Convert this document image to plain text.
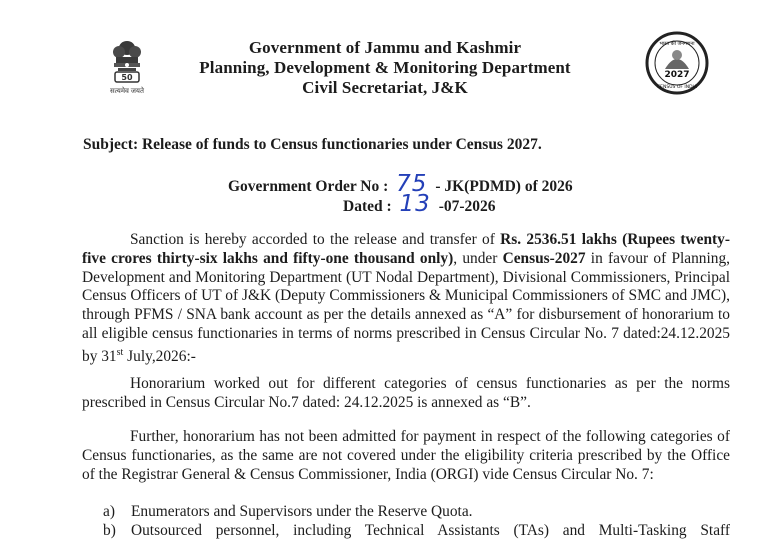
50
सत्यमेव जयते
2027
भारत की जनगणना
CENSUS OF INDIA
Government of Jammu and Kashmir
Planning, Development & Monitoring Department
Civil Secretariat, J&K
Subject: Release of funds to Census functionaries under Census 2027.
Government Order No : 75 - JK(PDMD) of 2026
Dated : 13 -07-2026

Sanction is hereby accorded to the release and transfer of Rs. 2536.51 lakhs (Rupees twenty-five crores thirty-six lakhs and fifty-one thousand only), under Census-2027 in favour of Planning, Development and Monitoring Department (UT Nodal Department), Divisional Commissioners, Principal Census Officers of UT of J&K (Deputy Commissioners & Municipal Commissioners of SMC and JMC), through PFMS / SNA bank account as per the details annexed as “A” for disbursement of honorarium to all eligible census functionaries in terms of norms prescribed in Census Circular No. 7 dated:24.12.2025 by 31st July,2026:-

Honorarium worked out for different categories of census functionaries as per the norms prescribed in Census Circular No.7 dated: 24.12.2025 is annexed as “B”.

Further, honorarium has not been admitted for payment in respect of the following categories of Census functionaries, as the same are not covered under the eligibility criteria prescribed by the Office of the Registrar General & Census Commissioner, India (ORGI) vide Census Circular No. 7:

a)	Enumerators and Supervisors under the Reserve Quota.
b) Outsourced personnel, including Technical Assistants (TAs) and Multi-Tasking Staff
